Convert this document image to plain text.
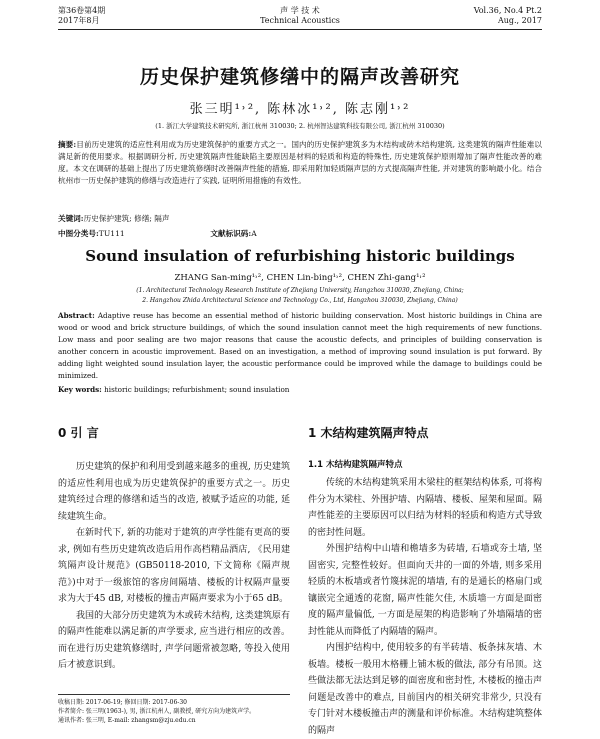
第36卷第4期
2017年8月
声 学 技 术
Technical Acoustics
Vol.36, No.4 Pt.2
Aug., 2017
历史保护建筑修缮中的隔声改善研究
张三明¹˒², 陈林冰¹˒², 陈志刚¹˒²
(1. 浙江大学建筑技术研究所, 浙江杭州 310030; 2. 杭州智达建筑科技有限公司, 浙江杭州 310030)
摘要:目前历史建筑的适应性利用成为历史建筑保护的重要方式之一。国内的历史保护建筑多为木结构或砖木结构建筑, 这类建筑的隔声性能难以满足新的使用要求。根据调研分析, 历史建筑隔声性能缺陷主要原因是材料的轻质和构造的特殊性, 历史建筑保护原则增加了隔声性能改善的难度。本文在调研的基础上提出了历史建筑修缮时改善隔声性能的措施, 即采用附加轻质隔声层的方式提高隔声性能, 并对建筑的影响最小化。结合杭州市一历史保护建筑的修缮与改造进行了实践, 证明所用措施的有效性。
关键词:历史保护建筑; 修缮; 隔声
中图分类号:TU111	文献标识码:A
Sound insulation of refurbishing historic buildings
ZHANG San-ming¹˒², CHEN Lin-bing¹˒², CHEN Zhi-gang¹˒²
(1. Architectural Technology Research Institute of Zhejiang University, Hangzhou 310030, Zhejiang, China;
2. Hangzhou Zhida Architectural Science and Technology Co., Ltd, Hangzhou 310030, Zhejiang, China)
Abstract: Adaptive reuse has become an essential method of historic building conservation. Most historic buildings in China are wood or wood and brick structure buildings, of which the sound insulation cannot meet the high requirements of new functions. Low mass and poor sealing are two major reasons that cause the acoustic defects, and principles of building conservation is another concern in acoustic improvement. Based on an investigation, a method of improving sound insulation is put forward. By adding light weighted sound insulation layer, the acoustic performance could be improved while the damage to buildings could be minimized.
Key words: historic buildings; refurbishment; sound insulation
0 引 言

历史建筑的保护和利用受到越来越多的重视, 历史建筑的适应性利用也成为历史建筑保护的重要方式之一。历史建筑经过合理的修缮和适当的改造, 被赋予适应的功能, 延续建筑生命。

在新时代下, 新的功能对于建筑的声学性能有更高的要求, 例如有些历史建筑改造后用作高档精品酒店, 《民用建筑隔声设计规范》(GB50118-2010, 下文简称《隔声规范》)中对于一级旅馆的客房间隔墙、楼板的计权隔声量要求为大于45 dB, 对楼板的撞击声隔声要求为小于65 dB。

我国的大部分历史建筑为木或砖木结构, 这类建筑原有的隔声性能难以满足新的声学要求, 应当进行相应的改善。而在进行历史建筑修缮时, 声学问题常被忽略, 等投入使用后才被意识到。

1 木结构建筑隔声特点
1.1 木结构建筑隔声特点

传统的木结构建筑采用木梁柱的框架结构体系, 可将构件分为木梁柱、外围护墙、内隔墙、楼板、屋架和屋面。隔声性能差的主要原因可以归结为材料的轻质和构造方式导致的密封性问题。

外围护结构中山墙和檐墙多为砖墙, 石墙或夯土墙, 坚固密实, 完整性较好。但面向天井的一面的外墙, 则多采用轻质的木板墙或者竹篾抹泥的墙墙, 有的是通长的格扇门或镶嵌完全通透的花窗, 隔声性能欠佳, 木质墙一方面是面密度的隔声量偏低, 一方面是屋架的构造影响了外墙隔墙的密封性能从而降低了内隔墙的隔声。

内围护结构中, 使用较多的有半砖墙、板条抹灰墙、木板墙。楼板一般用木格栅上铺木板的做法, 部分有吊顶。这些做法都无法达到足够的面密度和密封性, 木楼板的撞击声问题是改善中的难点, 目前国内的相关研究非常少, 只没有专门针对木楼板撞击声的测量和评价标准。木结构建筑整体的隔声

收稿日期: 2017-06-19; 修回日期: 2017-06-30
作者简介: 张三明(1963-), 男, 浙江杭州人, 副教授, 研究方向为建筑声学。
通讯作者: 张三明, E-mail: zhangsm@zju.edu.cn
